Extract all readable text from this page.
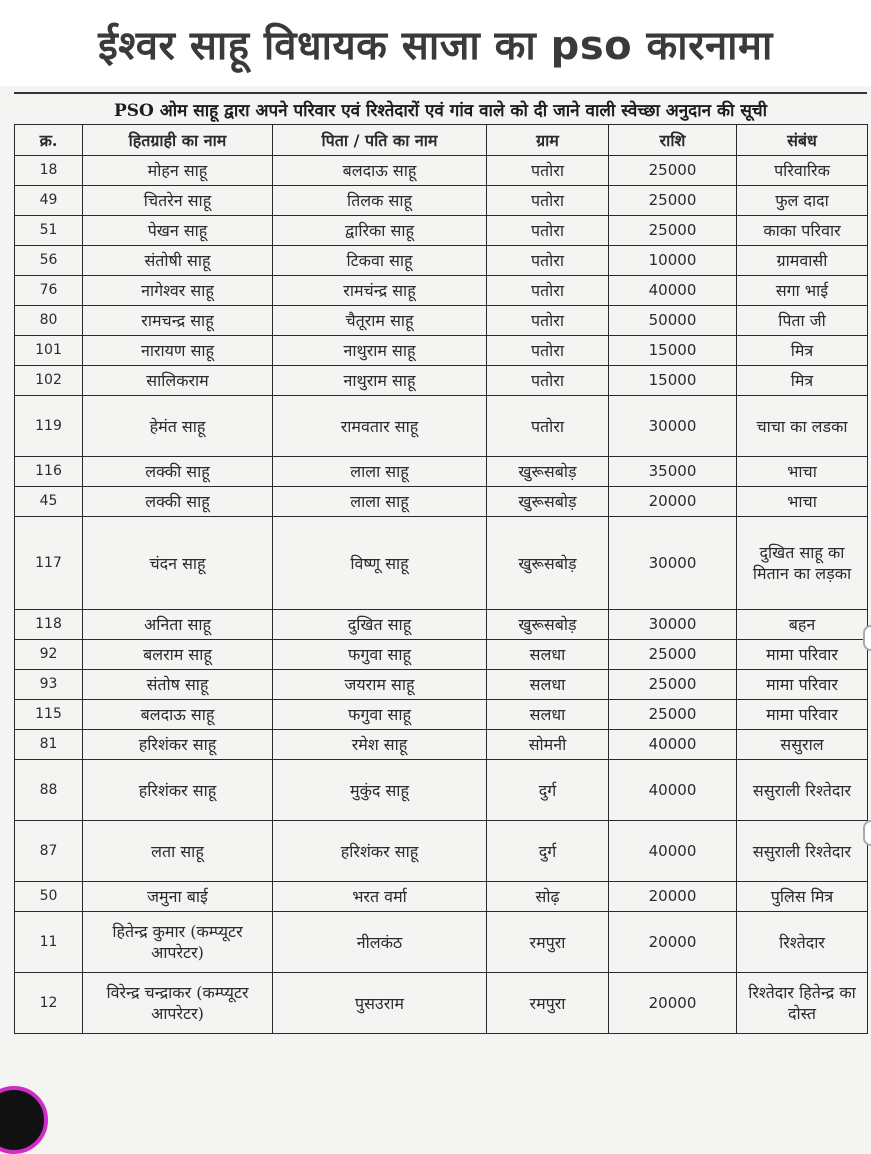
ईश्वर साहू विधायक साजा का pso कारनामा
PSO ओम साहू द्वारा अपने परिवार एवं रिश्तेदारों एवं गांव वाले को दी जाने वाली स्वेच्छा अनुदान की सूची
क्र.	हितग्राही का नाम	पिता / पति का नाम	ग्राम	राशि	संबंध
18	मोहन साहू	बलदाऊ साहू	पतोरा	25000	परिवारिक
49	चितरेन साहू	तिलक साहू	पतोरा	25000	फुल दादा
51	पेखन साहू	द्वारिका साहू	पतोरा	25000	काका परिवार
56	संतोषी साहू	टिकवा साहू	पतोरा	10000	ग्रामवासी
76	नागेश्वर साहू	रामचंन्द्र साहू	पतोरा	40000	सगा भाई
80	रामचन्द्र साहू	चैतूराम साहू	पतोरा	50000	पिता जी
101	नारायण साहू	नाथुराम साहू	पतोरा	15000	मित्र
102	सालिकराम	नाथुराम साहू	पतोरा	15000	मित्र
119	हेमंत साहू	रामवतार साहू	पतोरा	30000	चाचा का लडका
116	लक्की साहू	लाला साहू	खुरूसबोड़	35000	भाचा
45	लक्की साहू	लाला साहू	खुरूसबोड़	20000	भाचा
117	चंदन साहू	विष्णू साहू	खुरूसबोड़	30000	दुखित साहू का मितान का लड़का
118	अनिता साहू	दुखित साहू	खुरूसबोड़	30000	बहन
92	बलराम साहू	फगुवा साहू	सलधा	25000	मामा परिवार
93	संतोष साहू	जयराम साहू	सलधा	25000	मामा परिवार
115	बलदाऊ साहू	फगुवा साहू	सलधा	25000	मामा परिवार
81	हरिशंकर साहू	रमेश साहू	सोमनी	40000	ससुराल
88	हरिशंकर साहू	मुकुंद साहू	दुर्ग	40000	ससुराली रिश्तेदार
87	लता साहू	हरिशंकर साहू	दुर्ग	40000	ससुराली रिश्तेदार
50	जमुना बाई	भरत वर्मा	सोढ़	20000	पुलिस मित्र
11	हितेन्द्र कुमार (कम्प्यूटर आपरेटर)	नीलकंठ	रमपुरा	20000	रिश्तेदार
12	विरेन्द्र चन्द्राकर (कम्प्यूटर आपरेटर)	पुसउराम	रमपुरा	20000	रिश्तेदार हितेन्द्र का दोस्त
